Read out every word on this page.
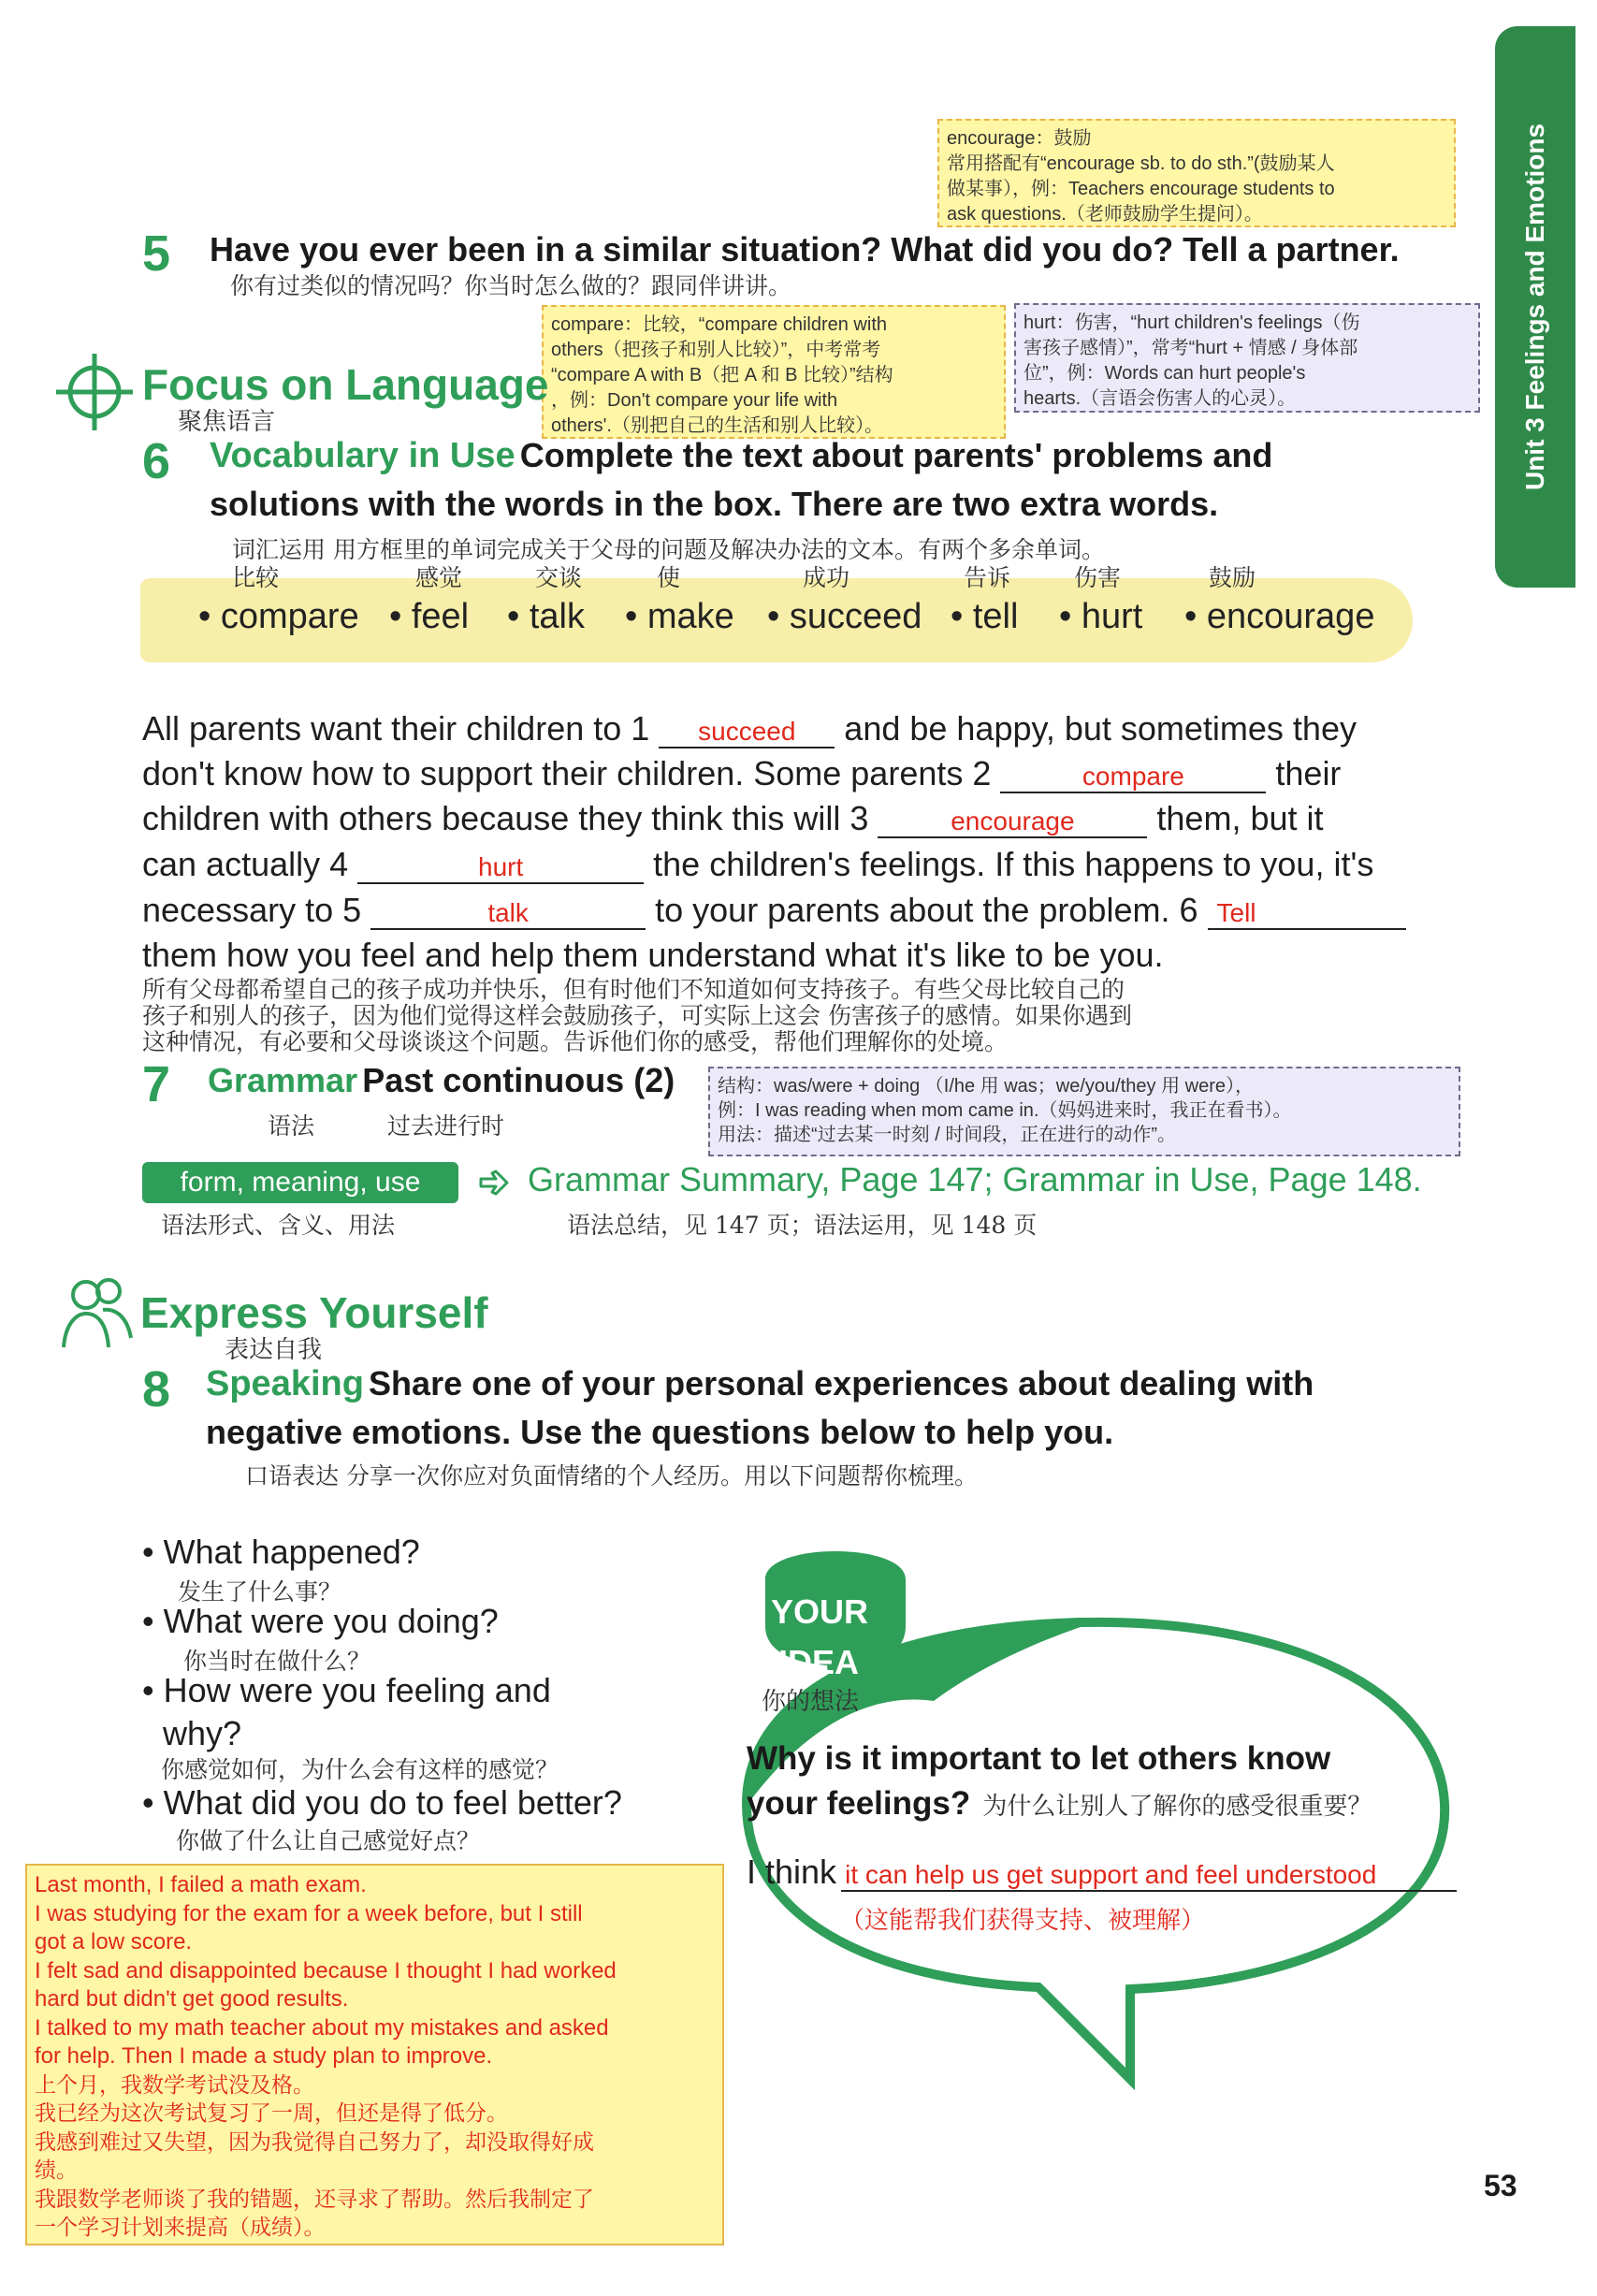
Unit 3 Feelings and Emotions

encourage：鼓励

常用搭配有“encourage sb. to do sth.”(鼓励某人

做某事），例：Teachers encourage students to

ask questions.（老师鼓励学生提问）。

5 Have you ever been in a similar situation? What did you do? Tell a partner.
你有过类似的情况吗？你当时怎么做的？跟同伴讲讲。

compare：比较，“compare children with

others（把孩子和别人比较）”，中考常考

“compare A with B（把 A 和 B 比较）”结构

，例：Don't compare your life with

others'.（别把自己的生活和别人比较）。

hurt：伤害，“hurt children's feelings（伤

害孩子感情）”，常考“hurt + 情感 / 身体部

位”，例：Words can hurt people's

hearts.（言语会伤害人的心灵）。

Focus on Language
聚焦语言
6 Vocabulary in Use Complete the text about parents' problems and
solutions with the words in the box. There are two extra words.
词汇运用 用方框里的单词完成关于父母的问题及解决办法的文本。有两个多余单词。
比较
• compare
感觉
• feel
交谈
• talk
使
• make
成功
• succeed
告诉
• tell
伤害
• hurt
鼓励
• encourage
All parents want their children to 1 succeed and be happy, but sometimes they
don't know how to support their children. Some parents 2	compare their
children with others because they think this will 3	encourage them, but it
can actually 4	hurt	the children's feelings. If this happens to you, it's
necessary to 5	talk	to your parents about the problem. 6 Tell
them how you feel and help them understand what it's like to be you.
所有父母都希望自己的孩子成功并快乐，但有时他们不知道如何支持孩子。有些父母比较自己的
孩子和别人的孩子，因为他们觉得这样会鼓励孩子，可实际上这会 伤害孩子的感情。如果你遇到
这种情况，有必要和父母谈谈这个问题。告诉他们你的感受，帮他们理解你的处境。
7 Grammar Past continuous (2)
语法	过去进行时

结构：was/were + doing （I/he 用 was；we/you/they 用 were），

例：I was reading when mom came in.（妈妈进来时，我正在看书）。

用法：描述“过去某一时刻 / 时间段，正在进行的动作”。

form, meaning, use	Grammar Summary, Page 147; Grammar in Use, Page 148.
语法形式、含义、用法	语法总结，见 147 页；语法运用，见 148 页
Express Yourself
表达自我
8 Speaking Share one of your personal experiences about dealing with
negative emotions. Use the questions below to help you.
口语表达 分享一次你应对负面情绪的个人经历。用以下问题帮你梳理。
• What happened?
发生了什么事？
• What were you doing?
你当时在做什么？
• How were you feeling and
why?
你感觉如何，为什么会有这样的感觉？
• What did you do to feel better?
你做了什么让自己感觉好点？
YOUR
IDEA
你的想法
Why is it important to let others know
your feelings? 为什么让别人了解你的感受很重要？
I think it can help us get support and feel understood
（这能帮我们获得支持、被理解）

Last month, I failed a math exam.

I was studying for the exam for a week before, but I still

got a low score.

I felt sad and disappointed because I thought I had worked

hard but didn't get good results.

I talked to my math teacher about my mistakes and asked

for help. Then I made a study plan to improve.

上个月，我数学考试没及格。

我已经为这次考试复习了一周，但还是得了低分。

我感到难过又失望，因为我觉得自己努力了，却没取得好成

绩。

我跟数学老师谈了我的错题，还寻求了帮助。然后我制定了

一个学习计划来提高（成绩）。

53
